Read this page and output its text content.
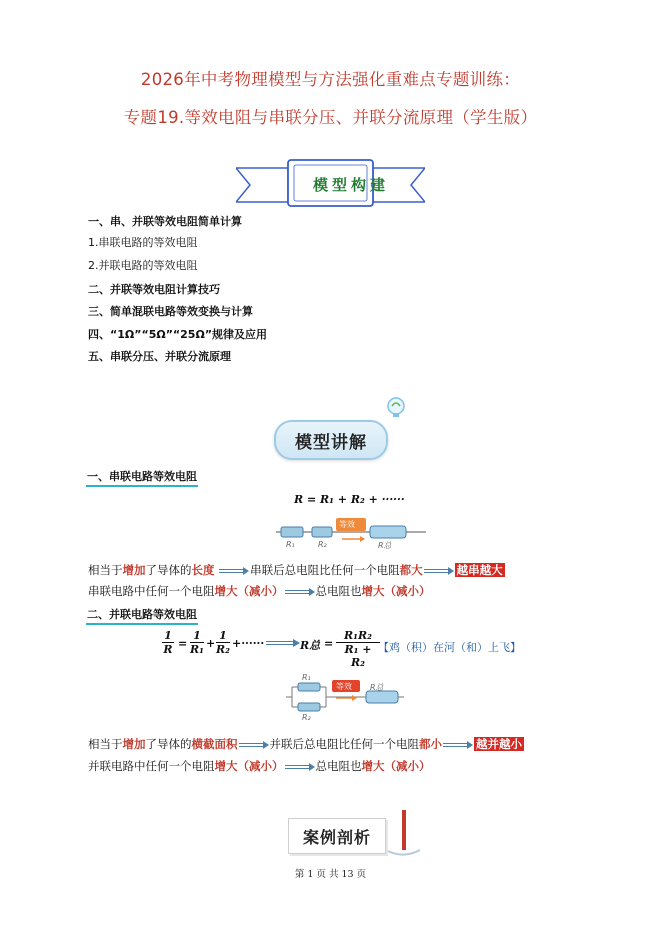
2026年中考物理模型与方法强化重难点专题训练：
专题19.等效电阻与串联分压、并联分流原理（学生版）
模型构建
一、串、并联等效电阻简单计算
1.串联电路的等效电阻
2.并联电路的等效电阻
二、并联等效电阻计算技巧
三、简单混联电路等效变换与计算
四、“1Ω”“5Ω”“25Ω”规律及应用
五、串联分压、并联分流原理
模型讲解
一、串联电路等效电阻
R = R₁ + R₂ + ······
R₁	R₂
等效
R总
相当于增加了导体的长度	串联后总电阻比任何一个电阻都大	越串越大
串联电路中任何一个电阻增大（减小）	总电阻也增大（减小）
二、并联电路等效电阻
1
R =
1
R₁ +
1
R₂ +······	R总 =
R₁R₂
R₁ + R₂
【鸡（积）在河（和）上飞】
R₁
R₂
等效 R总
相当于增加了导体的横截面积	并联后总电阻比任何一个电阻都小	越并越小
并联电路中任何一个电阻增大（减小）	总电阻也增大（减小）
案例剖析
第 1 页 共 13 页
